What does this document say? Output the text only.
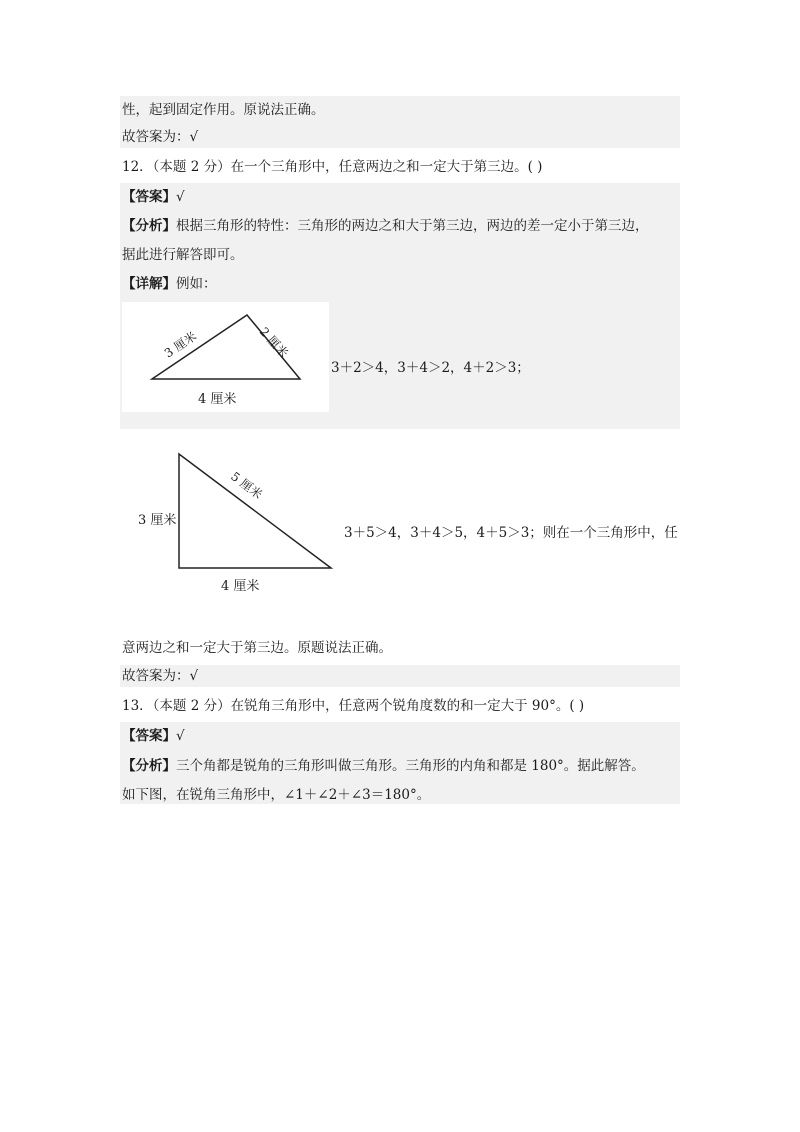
性，起到固定作用。原说法正确。
故答案为：√
12．（本题 2 分）在一个三角形中，任意两边之和一定大于第三边。( )
【答案】√
【分析】根据三角形的特性：三角形的两边之和大于第三边，两边的差一定小于第三边，
据此进行解答即可。
【详解】例如：
3 厘米	2 厘米
4 厘米
3＋2＞4，3＋4＞2，4＋2＞3；
5 厘米
3 厘米
4 厘米
3＋5＞4，3＋4＞5，4＋5＞3；则在一个三角形中，任
意两边之和一定大于第三边。原题说法正确。
故答案为：√
13．（本题 2 分）在锐角三角形中，任意两个锐角度数的和一定大于 90°。( )
【答案】√
【分析】三个角都是锐角的三角形叫做三角形。三角形的内角和都是 180°。据此解答。
如下图，在锐角三角形中，∠1＋∠2＋∠3＝180°。
